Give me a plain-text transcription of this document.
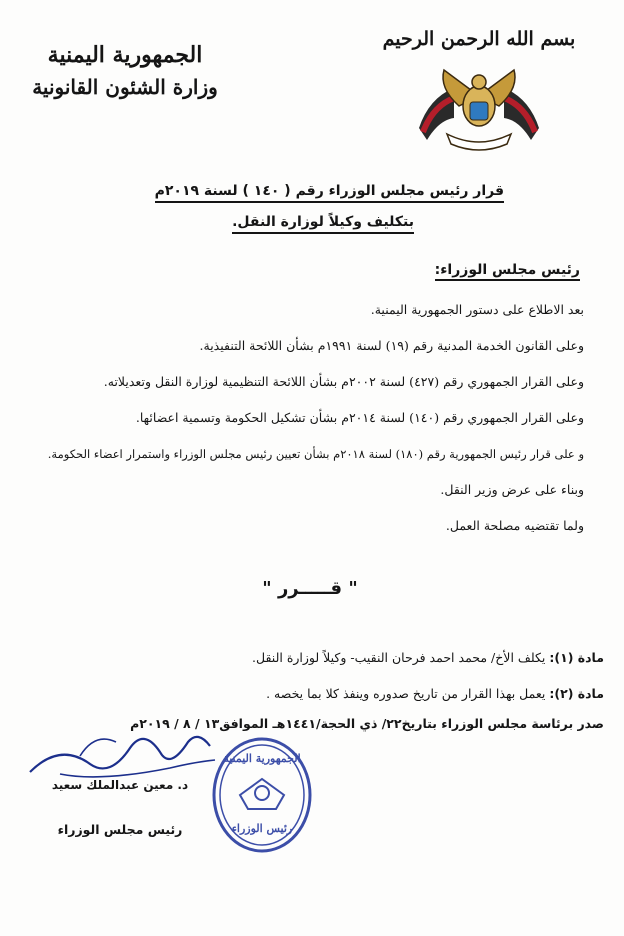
بسم الله الرحمن الرحيم
الجمهورية اليمنية
وزارة الشئون القانونية
قرار رئيس مجلس الوزراء رقم ( ١٤٠ ) لسنة ٢٠١٩م
بتكليف وكيلاً لوزارة النقل.
رئيس مجلس الوزراء:
بعد الاطلاع على دستور الجمهورية اليمنية.
وعلى القانون الخدمة المدنية رقم (١٩) لسنة ١٩٩١م بشأن اللائحة التنفيذية.
وعلى القرار الجمهوري رقم (٤٢٧) لسنة ٢٠٠٢م بشأن اللائحة التنظيمية لوزارة النقل وتعديلاته.
وعلى القرار الجمهوري رقم (١٤٠) لسنة ٢٠١٤م بشأن تشكيل الحكومة وتسمية اعضائها.
و على قرار رئيس الجمهورية رقم (١٨٠) لسنة ٢٠١٨م بشأن تعيين رئيس مجلس الوزراء واستمرار اعضاء الحكومة.
وبناء على عرض وزير النقل.
ولما تقتضيه مصلحة العمل.
" قـــــرر "
مادة (١): يكلف الأخ/ محمد احمد فرحان النقيب- وكيلاً لوزارة النقل.
مادة (٢): يعمل بهذا القرار من تاريخ صدوره وينفذ كلا بما يخصه .
صدر برئاسة مجلس الوزراء بتاريخ٢٢/ ذي الحجة/١٤٤١هـ الموافق١٣ / ٨ / ٢٠١٩م
د. معين عبدالملك سعيد
رئيس مجلس الوزراء
الجمهورية اليمنية
رئيس الوزراء
